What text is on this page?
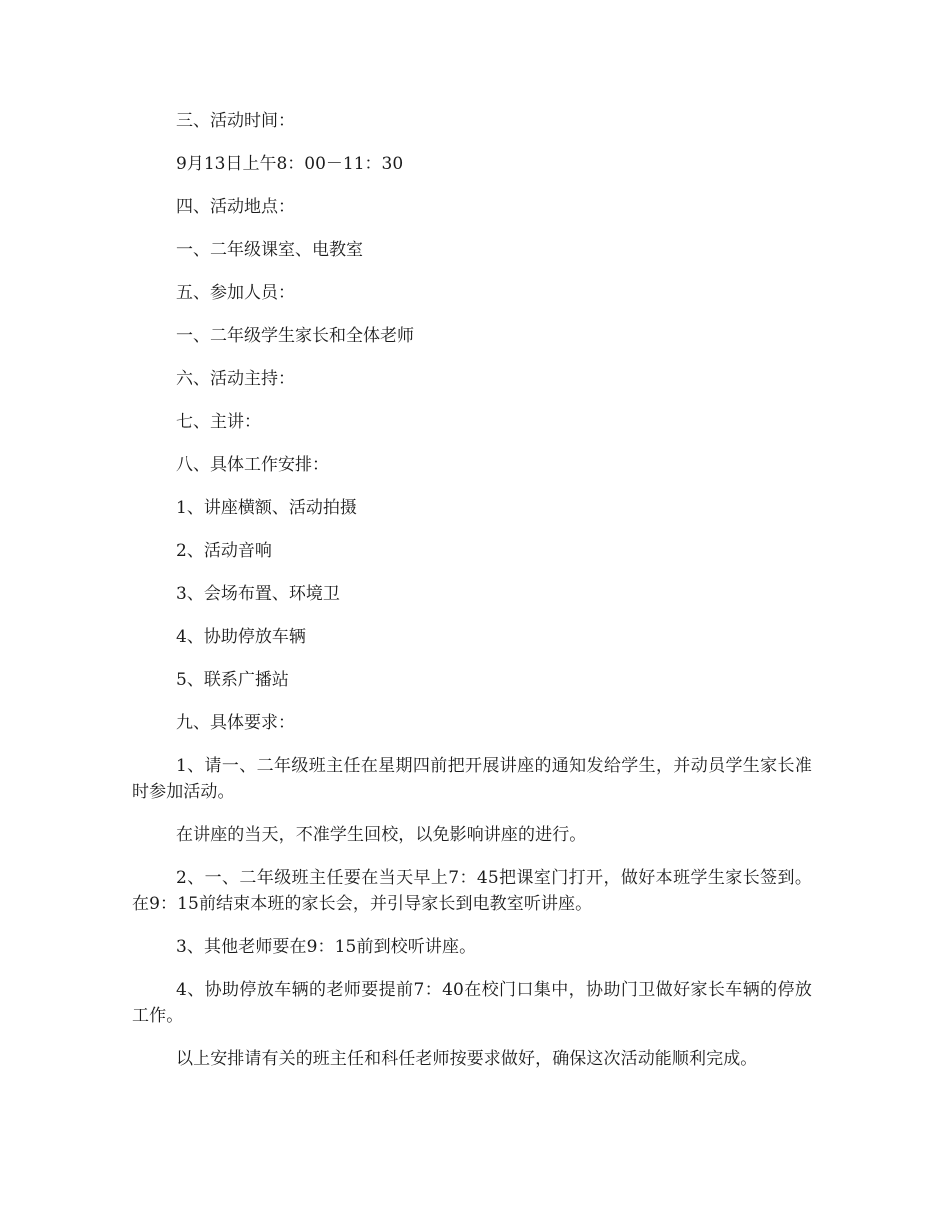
三、活动时间：

9月13日上午8：00－11：30

四、活动地点：

一、二年级课室、电教室

五、参加人员：

一、二年级学生家长和全体老师

六、活动主持：

七、主讲：

八、具体工作安排：

1、讲座横额、活动拍摄

2、活动音响

3、会场布置、环境卫

4、协助停放车辆

5、联系广播站

九、具体要求：

1、请一、二年级班主任在星期四前把开展讲座的通知发给学生，并动员学生家长准时参加活动。

在讲座的当天，不准学生回校，以免影响讲座的进行。

2、一、二年级班主任要在当天早上7：45把课室门打开，做好本班学生家长签到。在9：15前结束本班的家长会，并引导家长到电教室听讲座。

3、其他老师要在9：15前到校听讲座。

4、协助停放车辆的老师要提前7：40在校门口集中，协助门卫做好家长车辆的停放工作。

以上安排请有关的班主任和科任老师按要求做好，确保这次活动能顺利完成。
